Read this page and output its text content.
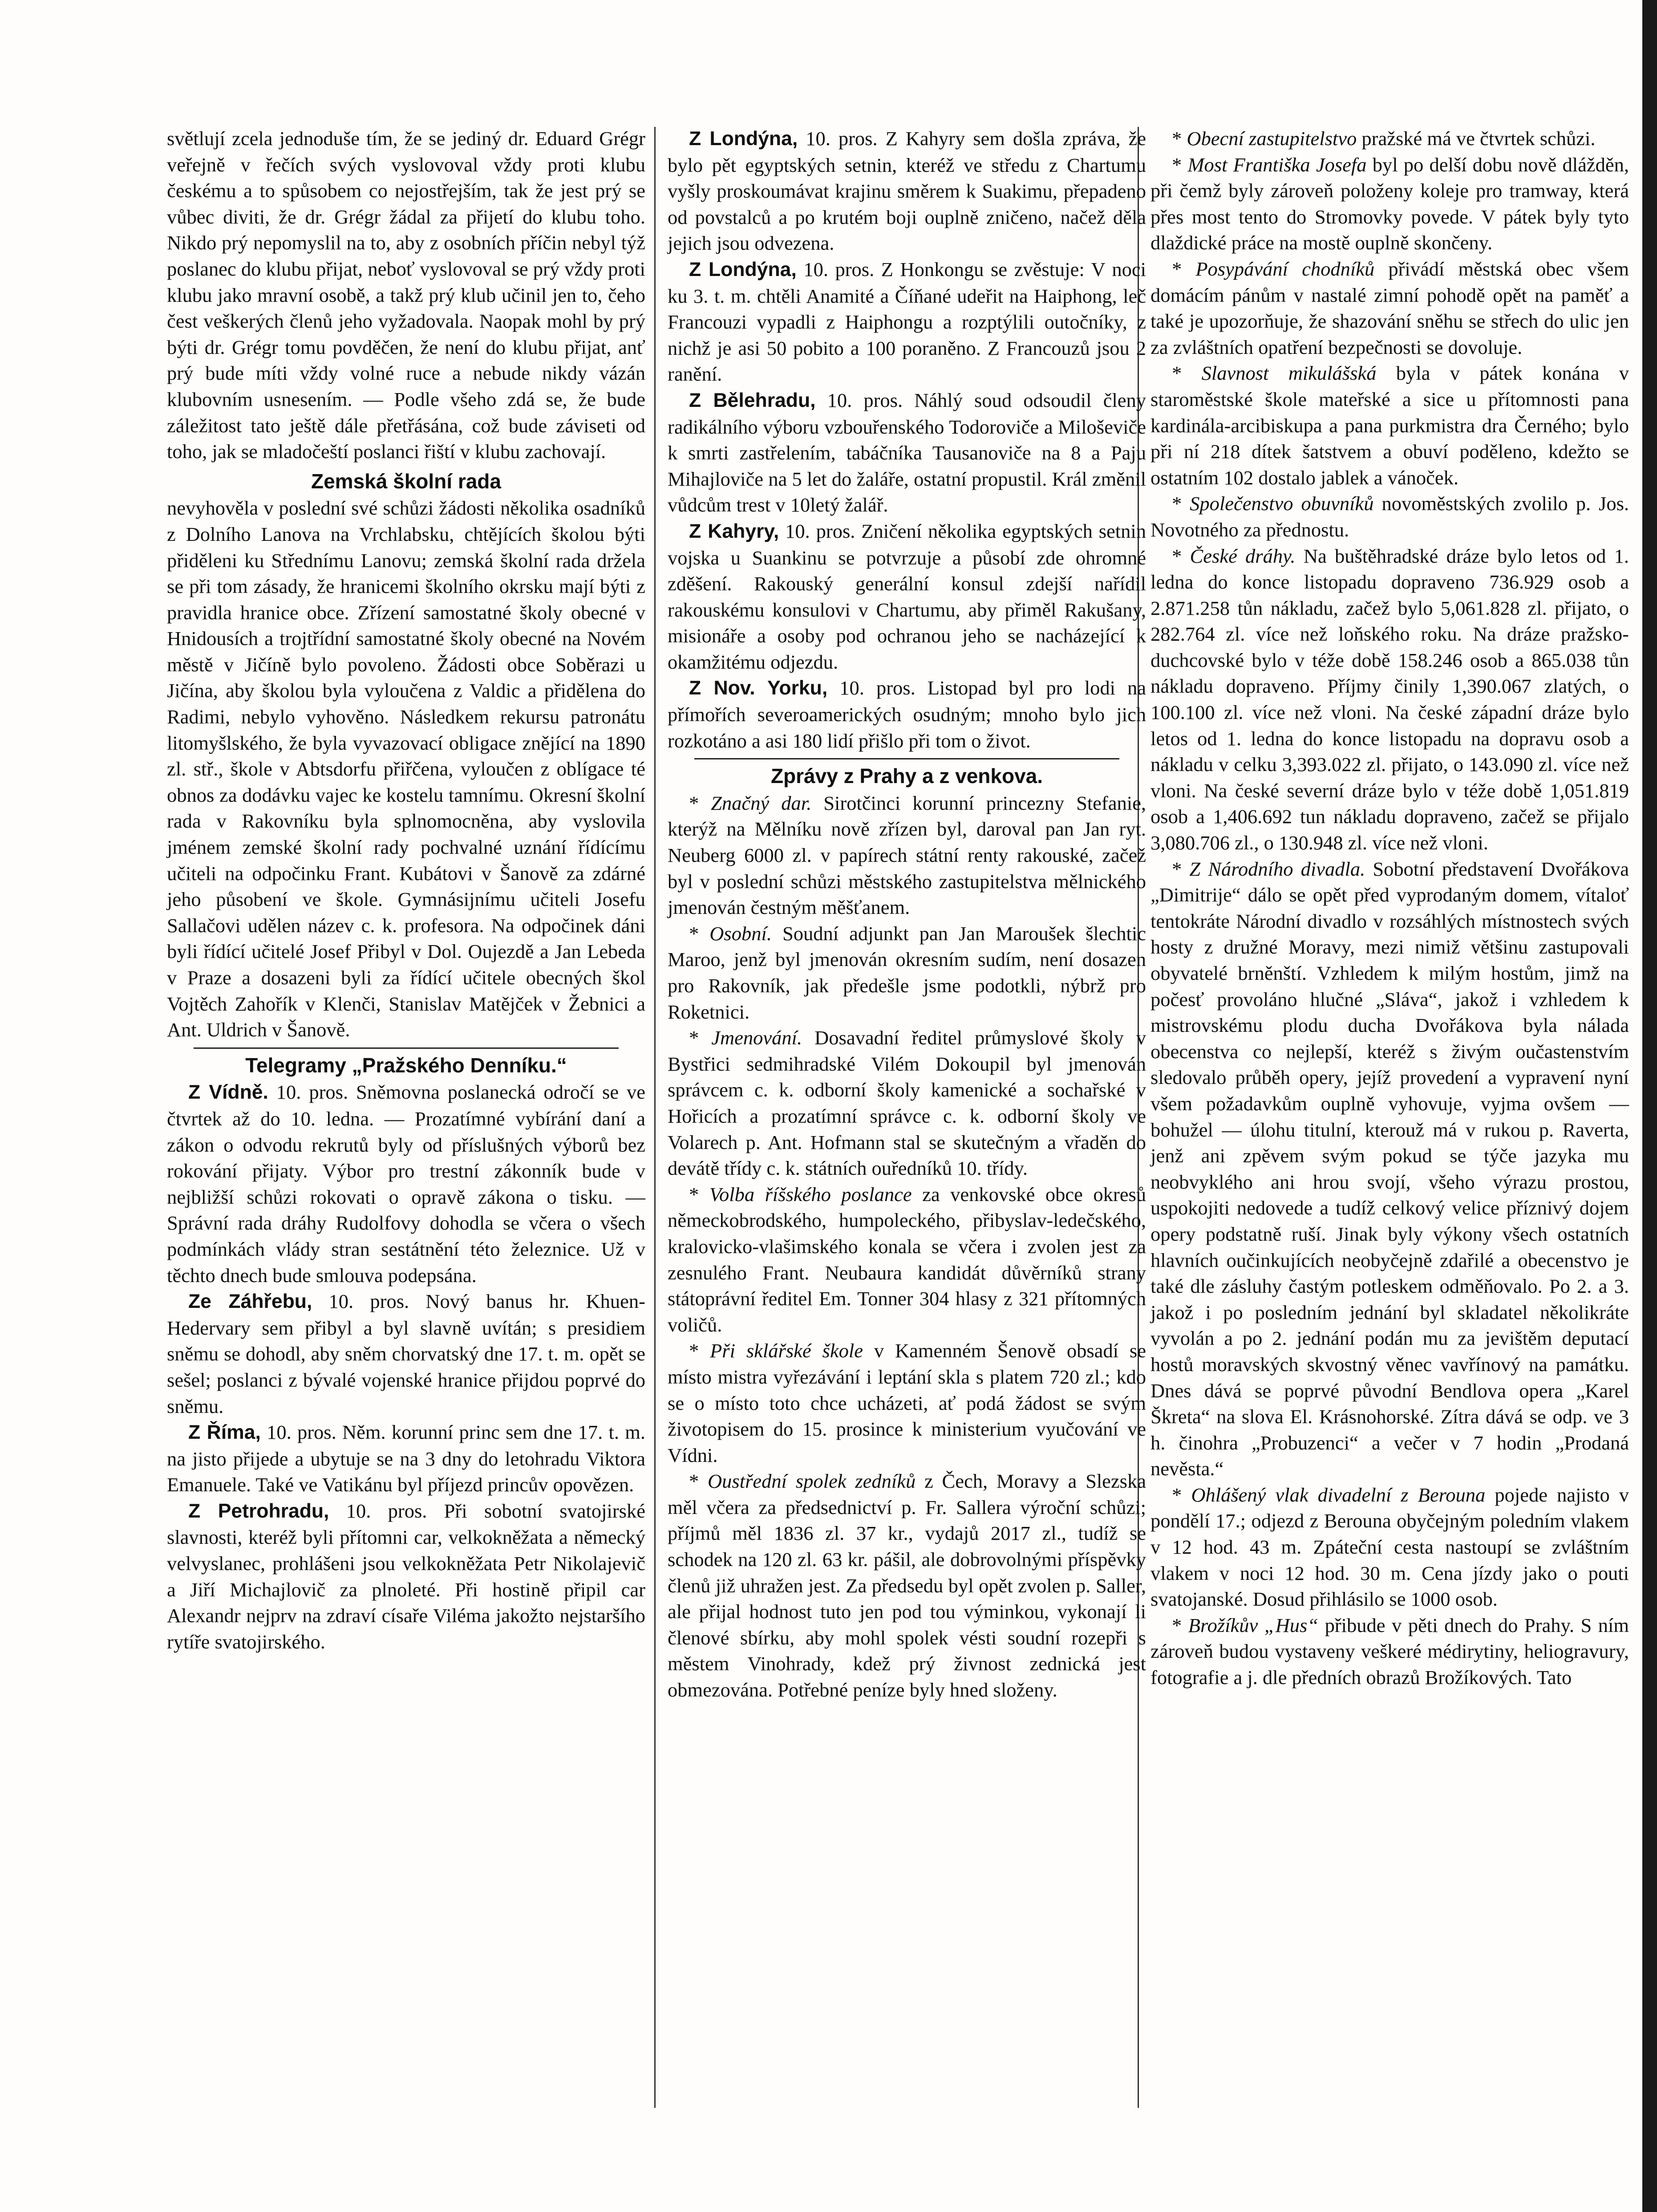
světlují zcela jednoduše tím, že se jediný dr. Eduard Grégr veřejně v řečích svých vyslovoval vždy proti klubu českému a to spůsobem co nejostřejším, tak že jest prý se vůbec diviti, že dr. Grégr žádal za přijetí do klubu toho. Nikdo prý nepomyslil na to, aby z osobních příčin nebyl týž poslanec do klubu přijat, neboť vyslovoval se prý vždy proti klubu jako mravní osobě, a takž prý klub učinil jen to, čeho čest veškerých členů jeho vyžadovala. Naopak mohl by prý býti dr. Grégr tomu povděčen, že není do klubu přijat, anť prý bude míti vždy volné ruce a nebude nikdy vázán klubovním usnesením. — Podle všeho zdá se, že bude záležitost tato ještě dále přetřásána, což bude záviseti od toho, jak se mladočeští poslanci řiští v klubu zachovají.

Zemská školní rada

nevyhověla v poslední své schůzi žádosti několika osadníků z Dolního Lanova na Vrchlabsku, chtějících školou býti přiděleni ku Střednímu Lanovu; zemská školní rada držela se při tom zásady, že hranicemi školního okrsku mají býti z pravidla hranice obce. Zřízení samostatné školy obecné v Hnidousích a trojtřídní samostatné školy obecné na Novém městě v Jičíně bylo povoleno. Žádosti obce Soběrazi u Jičína, aby školou byla vyloučena z Valdic a přidělena do Radimi, nebylo vyhověno. Následkem rekursu patronátu litomyšlského, že byla vyvazovací obligace znějící na 1890 zl. stř., škole v Abtsdorfu přiřčena, vyloučen z oblígace té obnos za dodávku vajec ke kostelu tamnímu. Okresní školní rada v Rakovníku byla splnomocněna, aby vyslovila jménem zemské školní rady pochvalné uznání řídícímu učiteli na odpočinku Frant. Kubátovi v Šanově za zdárné jeho působení ve škole. Gymnásijnímu učiteli Josefu Sallačovi udělen název c. k. profesora. Na odpočinek dáni byli řídící učitelé Josef Přibyl v Dol. Oujezdě a Jan Lebeda v Praze a dosazeni byli za řídící učitele obecných škol Vojtěch Zahořík v Klenči, Stanislav Matějček v Žebnici a Ant. Uldrich v Šanově.

Telegramy „Pražského Denníku.“

Z Vídně. 10. pros. Sněmovna poslanecká odročí se ve čtvrtek až do 10. ledna. — Prozatímné vybírání daní a zákon o odvodu rekrutů byly od příslušných výborů bez rokování přijaty. Výbor pro trestní zákonník bude v nejbližší schůzi rokovati o opravě zákona o tisku. — Správní rada dráhy Rudolfovy dohodla se včera o všech podmínkách vlády stran sestátnění této železnice. Už v těchto dnech bude smlouva podepsána.

Ze Záhřebu, 10. pros. Nový banus hr. Khuen-Hedervary sem přibyl a byl slavně uvítán; s presidiem sněmu se dohodl, aby sněm chorvatský dne 17. t. m. opět se sešel; poslanci z bývalé vojenské hranice přijdou poprvé do sněmu.

Z Říma, 10. pros. Něm. korunní princ sem dne 17. t. m. na jisto přijede a ubytuje se na 3 dny do letohradu Viktora Emanuele. Také ve Vatikánu byl příjezd princův opovězen.

Z Petrohradu, 10. pros. Při sobotní svatojirské slavnosti, kteréž byli přítomni car, velkokněžata a německý velvyslanec, prohlášeni jsou velkokněžata Petr Nikolajevič a Jiří Michajlovič za plnoleté. Při hostině připil car Alexandr nejprv na zdraví císaře Viléma jakožto nejstaršího rytíře svatojirského.

Z Londýna, 10. pros. Z Kahyry sem došla zpráva, že bylo pět egyptských setnin, kteréž ve středu z Chartumu vyšly proskoumávat krajinu směrem k Suakimu, přepadeno od povstalců a po krutém boji ouplně zničeno, načež děla jejich jsou odvezena.

Z Londýna, 10. pros. Z Honkongu se zvěstuje: V noci ku 3. t. m. chtěli Anamité a Číňané udeřit na Haiphong, leč Francouzi vypadli z Haiphongu a rozptýlili outočníky, z nichž je asi 50 pobito a 100 poraněno. Z Francouzů jsou 2 ranění.

Z Bělehradu, 10. pros. Náhlý soud odsoudil členy radikálního výboru vzbouřenského Todoroviče a Miloševiče k smrti zastřelením, tabáčníka Tausanoviče na 8 a Paju Mihajloviče na 5 let do žaláře, ostatní propustil. Král změnil vůdcům trest v 10letý žalář.

Z Kahyry, 10. pros. Zničení několika egyptských setnin vojska u Suankinu se potvrzuje a působí zde ohromné zděšení. Rakouský generální konsul zdejší nařídil rakouskému konsulovi v Chartumu, aby přiměl Rakušany, misionáře a osoby pod ochranou jeho se nacházející k okamžitému odjezdu.

Z Nov. Yorku, 10. pros. Listopad byl pro lodi na přímořích severoamerických osudným; mnoho bylo jich rozkotáno a asi 180 lidí přišlo při tom o život.

Zprávy z Prahy a z venkova.

* Značný dar. Sirotčinci korunní princezny Stefanie, kterýž na Mělníku nově zřízen byl, daroval pan Jan ryt. Neuberg 6000 zl. v papírech státní renty rakouské, začež byl v poslední schůzi městského zastupitelstva mělnického jmenován čestným měšťanem.

* Osobní. Soudní adjunkt pan Jan Maroušek šlechtic Maroo, jenž byl jmenován okresním sudím, není dosazen pro Rakovník, jak předešle jsme podotkli, nýbrž pro Roketnici.

* Jmenování. Dosavadní ředitel průmyslové školy v Bystřici sedmihradské Vilém Dokoupil byl jmenován správcem c. k. odborní školy kamenické a sochařské v Hořicích a prozatímní správce c. k. odborní školy ve Volarech p. Ant. Hofmann stal se skutečným a vřaděn do devátě třídy c. k. státních ouředníků 10. třídy.

* Volba říšského poslance za venkovské obce okresů německobrodského, humpoleckého, přibyslav-ledečského, kralovicko-vlašimského konala se včera i zvolen jest za zesnulého Frant. Neubaura kandidát důvěrníků strany státoprávní ředitel Em. Tonner 304 hlasy z 321 přítomných voličů.

* Při sklářské škole v Kamenném Šenově obsadí se místo mistra vyřezávání i leptání skla s platem 720 zl.; kdo se o místo toto chce ucházeti, ať podá žádost se svým životopisem do 15. prosince k ministerium vyučování ve Vídni.

* Oustřední spolek zedníků z Čech, Moravy a Slezska měl včera za předsednictví p. Fr. Sallera výroční schůzi; příjmů měl 1836 zl. 37 kr., vydajů 2017 zl., tudíž se schodek na 120 zl. 63 kr. pášil, ale dobrovolnými příspěvky členů již uhražen jest. Za předsedu byl opět zvolen p. Saller, ale přijal hodnost tuto jen pod tou výminkou, vykonají li členové sbírku, aby mohl spolek vésti soudní rozepři s městem Vinohrady, kdež prý živnost zednická jest obmezována. Potřebné peníze byly hned složeny.

* Obecní zastupitelstvo pražské má ve čtvrtek schůzi.

* Most Františka Josefa byl po delší dobu nově dlážděn, při čemž byly zároveň položeny koleje pro tramway, která přes most tento do Stromovky povede. V pátek byly tyto dlaždické práce na mostě ouplně skončeny.

* Posypávání chodníků přivádí městská obec všem domácím pánům v nastalé zimní pohodě opět na paměť a také je upozorňuje, že shazování sněhu se střech do ulic jen za zvláštních opatření bezpečnosti se dovoluje.

* Slavnost mikulášská byla v pátek konána v staroměstské škole mateřské a sice u přítomnosti pana kardinála-arcibiskupa a pana purkmistra dra Černého; bylo při ní 218 dítek šatstvem a obuví poděleno, kdežto se ostatním 102 dostalo jablek a vánoček.

* Společenstvo obuvníků novoměstských zvolilo p. Jos. Novotného za přednostu.

* České dráhy. Na buštěhradské dráze bylo letos od 1. ledna do konce listopadu dopraveno 736.929 osob a 2.871.258 tůn nákladu, začež bylo 5,061.828 zl. přijato, o 282.764 zl. více než loňského roku. Na dráze pražsko-duchcovské bylo v téže době 158.246 osob a 865.038 tůn nákladu dopraveno. Příjmy činily 1,390.067 zlatých, o 100.100 zl. více než vloni. Na české západní dráze bylo letos od 1. ledna do konce listopadu na dopravu osob a nákladu v celku 3,393.022 zl. přijato, o 143.090 zl. více než vloni. Na české severní dráze bylo v téže době 1,051.819 osob a 1,406.692 tun nákladu dopraveno, začež se přijalo 3,080.706 zl., o 130.948 zl. více než vloni.

* Z Národního divadla. Sobotní představení Dvořákova „Dimitrije“ dálo se opět před vyprodaným domem, vítaloť tentokráte Národní divadlo v rozsáhlých místnostech svých hosty z družné Moravy, mezi nimiž většinu zastupovali obyvatelé brněnští. Vzhledem k milým hostům, jimž na počesť provoláno hlučné „Sláva“, jakož i vzhledem k mistrovskému plodu ducha Dvořákova byla nálada obecenstva co nejlepší, kteréž s živým oučastenstvím sledovalo průběh opery, jejíž provedení a vypravení nyní všem požadavkům ouplně vyhovuje, vyjma ovšem — bohužel — úlohu titulní, kterouž má v rukou p. Raverta, jenž ani zpěvem svým pokud se týče jazyka mu neobvyklého ani hrou svojí, všeho výrazu prostou, uspokojiti nedovede a tudíž celkový velice příznivý dojem opery podstatně ruší. Jinak byly výkony všech ostatních hlavních oučinkujících neobyčejně zdařilé a obecenstvo je také dle zásluhy častým potleskem odměňovalo. Po 2. a 3. jakož i po posledním jednání byl skladatel několikráte vyvolán a po 2. jednání podán mu za jevištěm deputací hostů moravských skvostný věnec vavřínový na památku. Dnes dává se poprvé původní Bendlova opera „Karel Škreta“ na slova El. Krásnohorské. Zítra dává se odp. ve 3 h. činohra „Probuzenci“ a večer v 7 hodin „Prodaná nevěsta.“

* Ohlášený vlak divadelní z Berouna pojede najisto v pondělí 17.; odjezd z Berouna obyčejným poledním vlakem v 12 hod. 43 m. Zpáteční cesta nastoupí se zvláštním vlakem v noci 12 hod. 30 m. Cena jízdy jako o pouti svatojanské. Dosud přihlásilo se 1000 osob.

* Brožíkův „Hus“ přibude v pěti dnech do Prahy. S ním zároveň budou vystaveny veškeré médirytiny, heliogravury, fotografie a j. dle předních obrazů Brožíkových. Tato
